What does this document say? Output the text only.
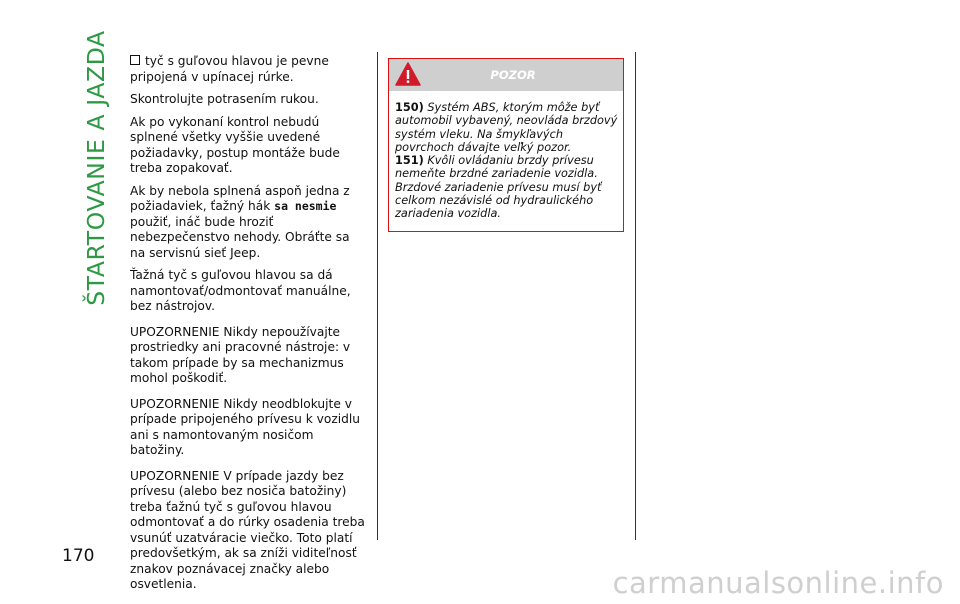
ŠTARTOVANIE A JAZDA
170

tyč s guľovou hlavou je pevne pripojená v upínacej rúrke.

Skontrolujte potrasením rukou.

Ak po vykonaní kontrol nebudú splnené všetky vyššie uvedené požiadavky, postup montáže bude treba zopakovať.

Ak by nebola splnená aspoň jedna z požiadaviek, ťažný hák sa nesmie použiť, ináč bude hroziť nebezpečenstvo nehody. Obráťte sa na servisnú sieť Jeep.

Ťažná tyč s guľovou hlavou sa dá namontovať/odmontovať manuálne, bez nástrojov.

UPOZORNENIE Nikdy nepoužívajte prostriedky ani pracovné nástroje: v takom prípade by sa mechanizmus mohol poškodiť.

UPOZORNENIE Nikdy neodblokujte v prípade pripojeného prívesu k vozidlu ani s namontovaným nosičom batožiny.

UPOZORNENIE V prípade jazdy bez prívesu (alebo bez nosiča batožiny) treba ťažnú tyč s guľovou hlavou odmontovať a do rúrky osadenia treba vsunúť uzatváracie viečko. Toto platí predovšetkým, ak sa zníži viditeľnosť znakov poznávacej značky alebo osvetlenia.

POZOR

150) Systém ABS, ktorým môže byť automobil vybavený, neovláda brzdový systém vleku. Na šmykľavých povrchoch dávajte veľký pozor.

151) Kvôli ovládaniu brzdy prívesu nemeňte brzdné zariadenie vozidla. Brzdové zariadenie prívesu musí byť celkom nezávislé od hydraulického zariadenia vozidla.

carmanualsonline.info
